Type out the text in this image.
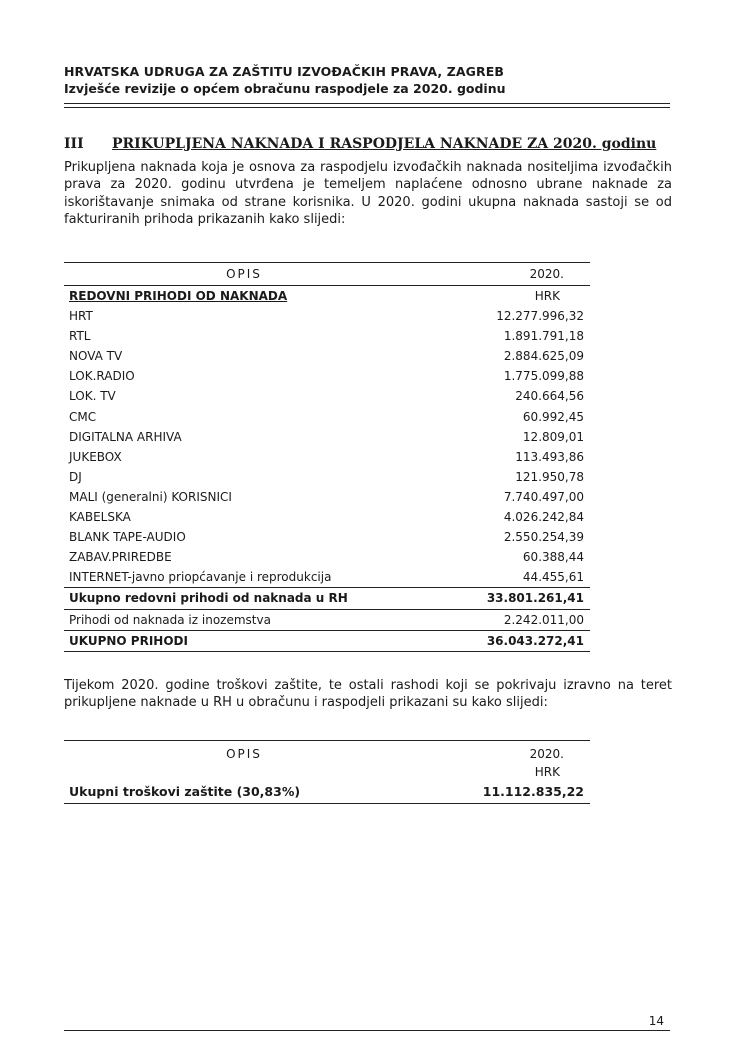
HRVATSKA UDRUGA ZA ZAŠTITU IZVOĐAČKIH PRAVA, ZAGREB
Izvješće revizije o općem obračunu raspodjele za 2020. godinu
III PRIKUPLJENA NAKNADA I RASPODJELA NAKNADE ZA 2020. godinu
Prikupljena naknada koja je osnova za raspodjelu izvođačkih naknada nositeljima izvođačkih prava za 2020. godinu utvrđena je temeljem naplaćene odnosno ubrane naknade za iskorištavanje snimaka od strane korisnika. U 2020. godini ukupna naknada sastoji se od fakturiranih prihoda prikazanih kako slijedi:
OPIS	2020.
REDOVNI PRIHODI OD NAKNADA	HRK
HRT	12.277.996,32
RTL	1.891.791,18
NOVA TV	2.884.625,09
LOK.RADIO	1.775.099,88
LOK. TV	240.664,56
CMC	60.992,45
DIGITALNA ARHIVA	12.809,01
JUKEBOX	113.493,86
DJ	121.950,78
MALI (generalni) KORISNICI	7.740.497,00
KABELSKA	4.026.242,84
BLANK TAPE-AUDIO	2.550.254,39
ZABAV.PRIREDBE	60.388,44
INTERNET-javno priopćavanje i reprodukcija	44.455,61
Ukupno redovni prihodi od naknada u RH	33.801.261,41
Prihodi od naknada iz inozemstva	2.242.011,00
UKUPNO PRIHODI	36.043.272,41
Tijekom 2020. godine troškovi zaštite, te ostali rashodi koji se pokrivaju izravno na teret prikupljene naknade u RH u obračunu i raspodjeli prikazani su kako slijedi:
OPIS	2020.
HRK
Ukupni troškovi zaštite (30,83%)	11.112.835,22
14
